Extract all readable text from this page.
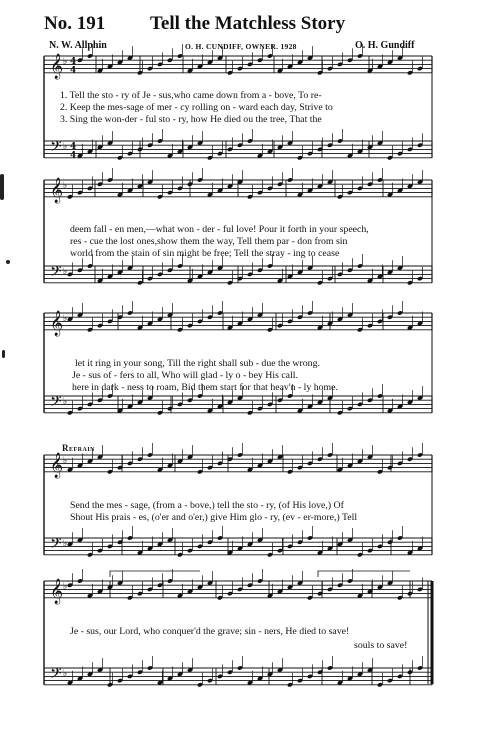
No. 191 Tell the Matchless Story
N. W. Allphin	O. H. CUNDIFF, OWNER. 1928	O. H. Gundiff
𝄞 ♭
𝄢 ♭
𝄞 ♭
𝄢 ♭
𝄞 ♭
𝄢 ♭
𝄞 ♭
𝄢 ♭
𝄞 ♭
𝄢 ♭
4
4
4
4
1. Tell the sto - ry of Je - sus,who came down from a - bove, To re-
2. Keep the mes-sage of mer - cy rolling on - ward each day, Strive to
3. Sing the won-der - ful sto - ry, how He died ou the tree, That the
deem fall - en men,—what won - der - ful love! Pour it forth in your speech,
res - cue the lost ones,show them the way, Tell them par - don from sin
world from the stain of sin might be free; Tell the stray - ing to cease
let it ring in your song, Till the right shall sub - due the wrong.
Je - sus of - fers to all, Who will glad - ly o - bey His call.
here in dark - ness to roam, Bid them start for that heav'n - ly home.
Refrain
Send the mes - sage, (from a - bove,) tell the sto - ry, (of His love,) Of
Shout His prais - es, (o'er and o'er,) give Him glo - ry, (ev - er-more,) Tell
Je - sus, our Lord, who conquer'd the grave; sin - ners, He died to save!
souls to save!
